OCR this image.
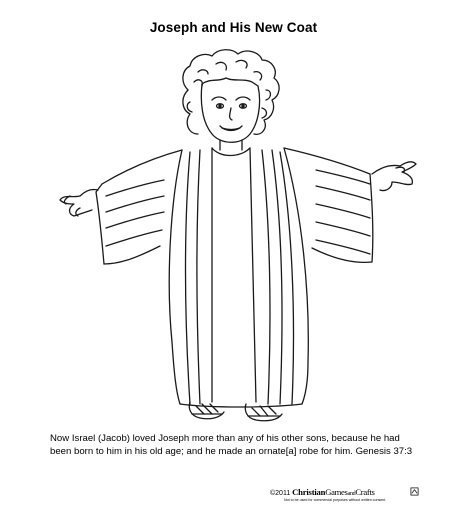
Joseph and His New Coat
Now Israel (Jacob) loved Joseph more than any of his other sons, because he had
been born to him in his old age; and he made an ornate[a] robe for him. Genesis 37:3
©2011 ChristianGamesandCrafts
Not to be used for commercial purposes without written consent.
